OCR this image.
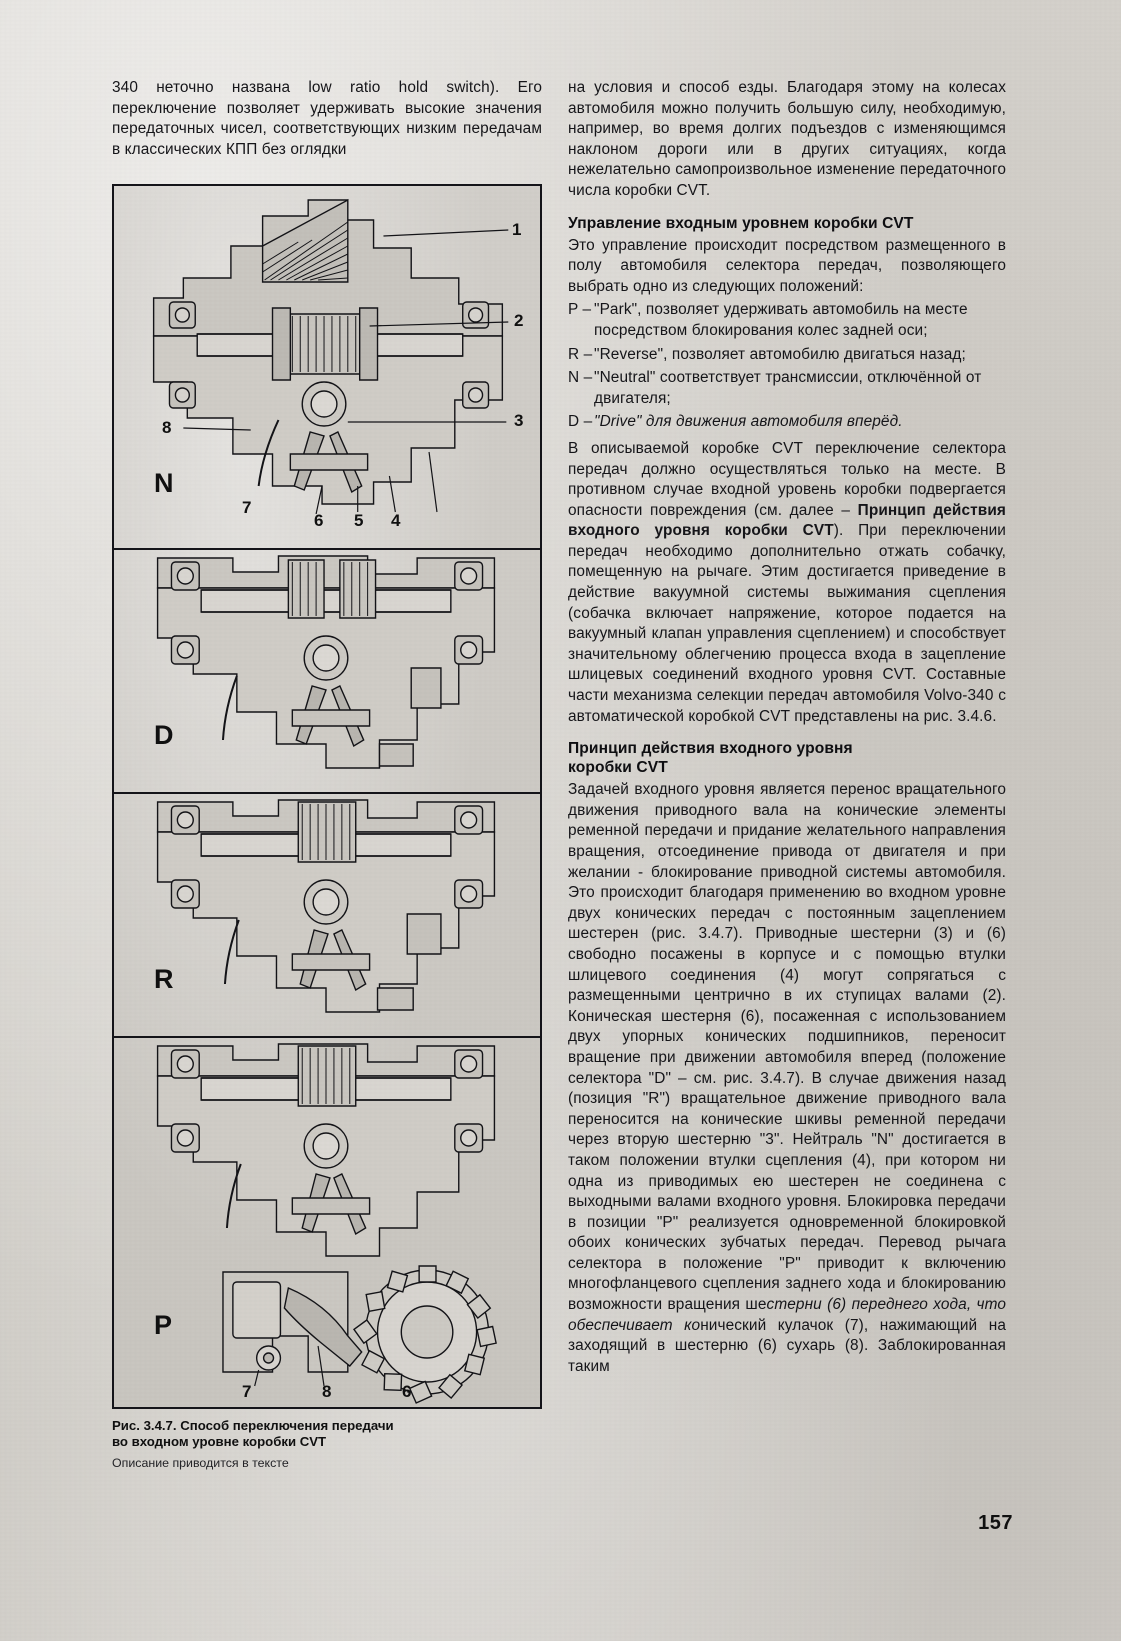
340 неточно названа low ratio hold switch). Его переключение позволяет удерживать высокие значения передаточных чисел, соответствующих низким передачам в классических КПП без оглядки

N
1
2
3
4
5
6
7
8
D
R
P
7	8	6
Рис. 3.4.7. Способ переключения передачи
во входном уровне коробки CVT
Описание приводится в тексте

на условия и способ езды. Благодаря этому на колесах автомобиля можно получить большую силу, необходимую, например, во время долгих подъездов с изменяющимся наклоном дороги или в других ситуациях, когда нежелательно самопроизвольное изменение передаточного числа коробки CVT.

Управление входным уровнем коробки CVT

Это управление происходит посредством размещенного в полу автомобиля селектора передач, позволяющего выбрать одно из следующих положений:

P – "Park", позволяет удерживать автомобиль на месте посредством блокирования колес задней оси;
R – "Reverse", позволяет автомобилю двигаться назад;
N – "Neutral" соответствует трансмиссии, отключённой от двигателя;
D – "Drive" для движения автомобиля вперёд.

В описываемой коробке CVT переключение селектора передач должно осуществляться только на месте. В противном случае входной уровень коробки подвергается опасности повреждения (см. далее – Принцип действия входного уровня коробки CVT). При переключении передач необходимо дополнительно отжать собачку, помещенную на рычаге. Этим достигается приведение в действие вакуумной системы выжимания сцепления (собачка включает напряжение, которое подается на вакуумный клапан управления сцеплением) и способствует значительному облегчению процесса входа в зацепление шлицевых соединений входного уровня CVT. Составные части механизма селекции передач автомобиля Volvo-340 с автоматической коробкой CVT представлены на рис. 3.4.6.

Принцип действия входного уровня
коробки CVT

Задачей входного уровня является перенос вращательного движения приводного вала на конические элементы ременной передачи и придание желательного направления вращения, отсоединение привода от двигателя и при желании - блокирование приводной системы автомобиля. Это происходит благодаря применению во входном уровне двух конических передач с постоянным зацеплением шестерен (рис. 3.4.7). Приводные шестерни (3) и (6) свободно посажены в корпусе и с помощью втулки шлицевого соединения (4) могут сопрягаться с размещенными центрично в их ступицах валами (2). Коническая шестерня (6), посаженная с использованием двух упорных конических подшипников, переносит вращение при движении автомобиля вперед (положение селектора "D" – см. рис. 3.4.7). В случае движения назад (позиция "R") вращательное движение приводного вала переносится на конические шкивы ременной передачи через вторую шестерню "3". Нейтраль "N" достигается в таком положении втулки сцепления (4), при котором ни одна из приводимых ею шестерен не соединена с выходными валами входного уровня. Блокировка передачи в позиции "P" реализуется одновременной блокировкой обоих конических зубчатых передач. Перевод рычага селектора в положение "P" приводит к включению многофланцевого сцепления заднего хода и блокированию возможности вращения шестерни (6) переднего хода, что обеспечивает конический кулачок (7), нажимающий на заходящий в шестерню (6) сухарь (8). Заблокированная таким

157
